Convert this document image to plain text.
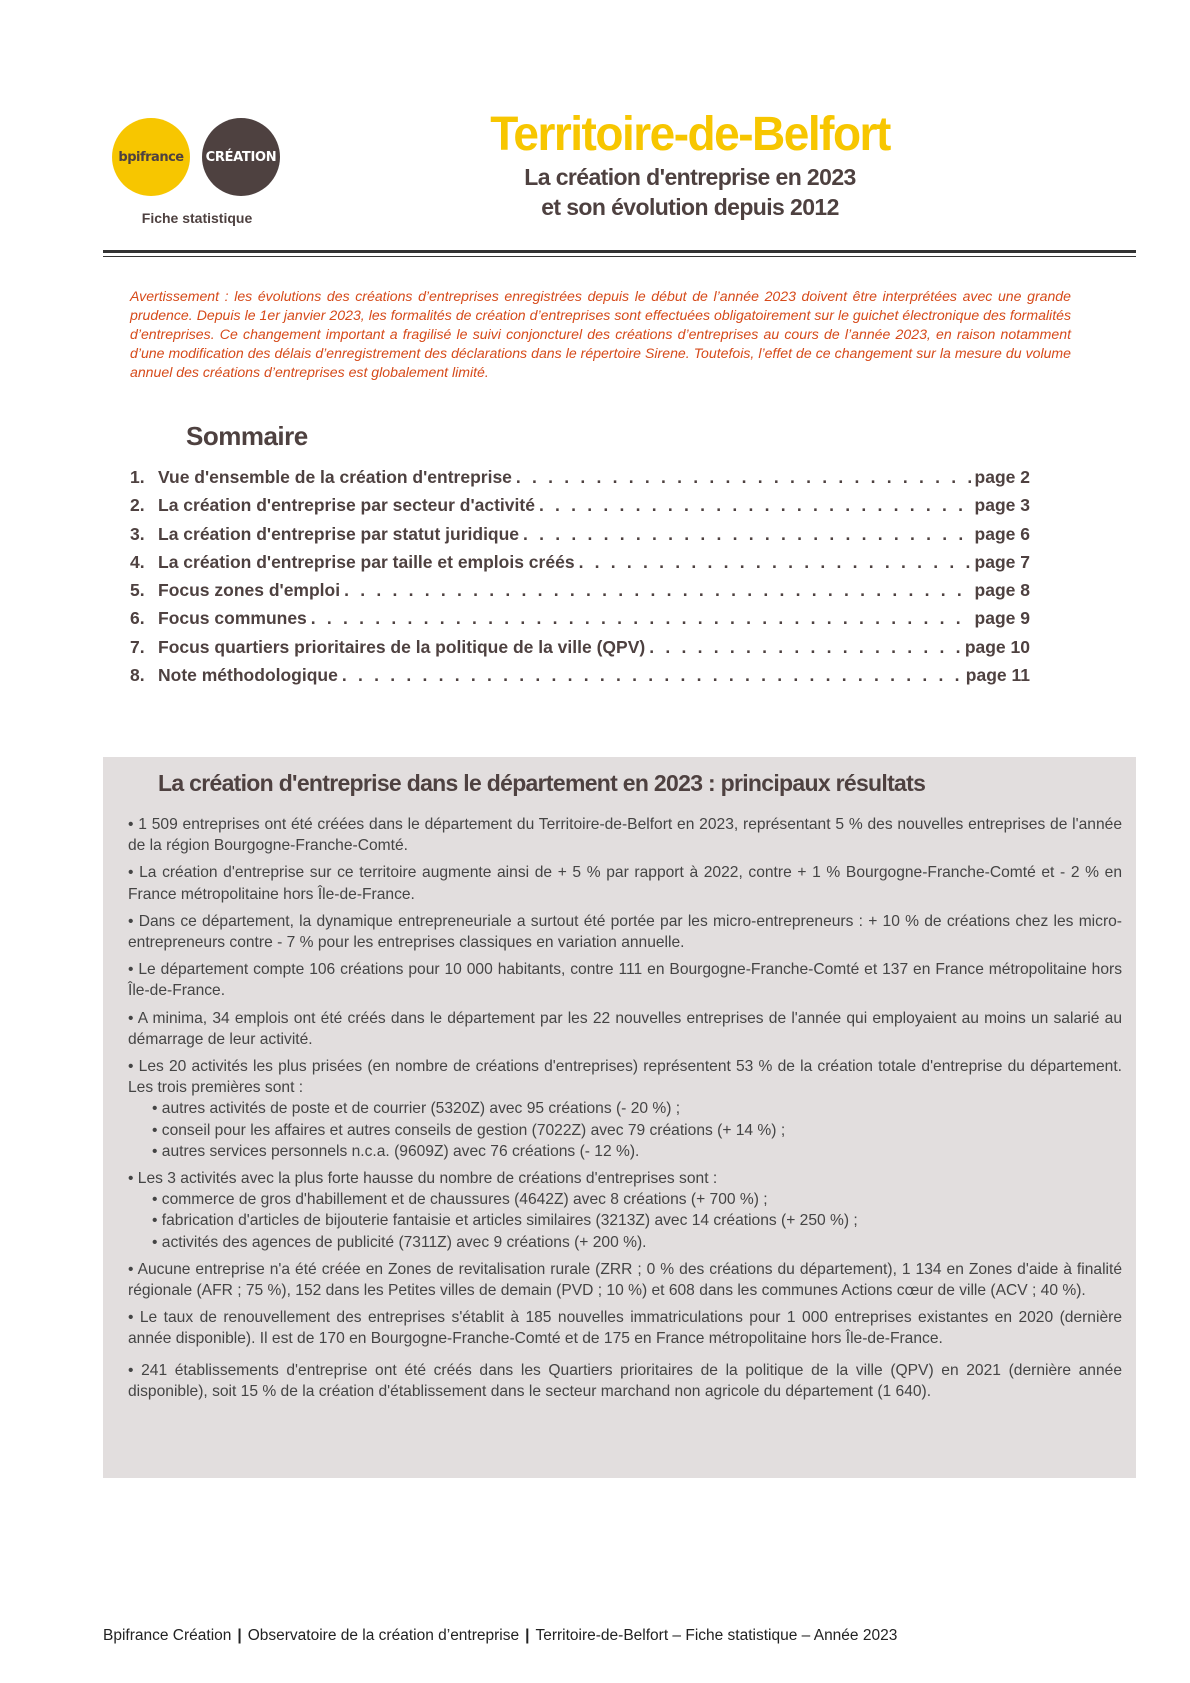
bpifrance CRÉATION
Fiche statistique
Territoire-de-Belfort
La création d'entreprise en 2023
et son évolution depuis 2012
Avertissement : les évolutions des créations d’entreprises enregistrées depuis le début de l’année 2023 doivent être interprétées avec une grande prudence. Depuis le 1er janvier 2023, les formalités de création d’entreprises sont effectuées obligatoirement sur le guichet électronique des formalités d’entreprises. Ce changement important a fragilisé le suivi conjoncturel des créations d’entreprises au cours de l’année 2023, en raison notamment d’une modification des délais d’enregistrement des déclarations dans le répertoire Sirene. Toutefois, l’effet de ce changement sur la mesure du volume annuel des créations d’entreprises est globalement limité.
Sommaire
1. Vue d'ensemble de la création d'entreprise . . .	page 2
2. La création d'entreprise par secteur d'activité . . .	page 3
3. La création d'entreprise par statut juridique . . .	page 6
4. La création d'entreprise par taille et emplois créés . . .	page 7
5. Focus zones d'emploi . . .	page 8
6. Focus communes . . .	page 9
7. Focus quartiers prioritaires de la politique de la ville (QPV) . . .	page 10
8. Note méthodologique . . .	page 11
La création d'entreprise dans le département en 2023 : principaux résultats

• 1 509 entreprises ont été créées dans le département du Territoire-de-Belfort en 2023, représentant 5 % des nouvelles entreprises de l'année de la région Bourgogne-Franche-Comté.

• La création d'entreprise sur ce territoire augmente ainsi de + 5 % par rapport à 2022, contre + 1 % Bourgogne-Franche-Comté et - 2 % en France métropolitaine hors Île-de-France.

• Dans ce département, la dynamique entrepreneuriale a surtout été portée par les micro-entrepreneurs : + 10 % de créations chez les micro-entrepreneurs contre - 7 % pour les entreprises classiques en variation annuelle.

• Le département compte 106 créations pour 10 000 habitants, contre 111 en Bourgogne-Franche-Comté et 137 en France métropolitaine hors Île-de-France.

• A minima, 34 emplois ont été créés dans le département par les 22 nouvelles entreprises de l'année qui employaient au moins un salarié au démarrage de leur activité.

• Les 20 activités les plus prisées (en nombre de créations d'entreprises) représentent 53 % de la création totale d'entreprise du département. Les trois premières sont :

• autres activités de poste et de courrier (5320Z) avec 95 créations (- 20 %) ;

• conseil pour les affaires et autres conseils de gestion (7022Z) avec 79 créations (+ 14 %) ;

• autres services personnels n.c.a. (9609Z) avec 76 créations (- 12 %).

• Les 3 activités avec la plus forte hausse du nombre de créations d'entreprises sont :

• commerce de gros d'habillement et de chaussures (4642Z) avec 8 créations (+ 700 %) ;

• fabrication d'articles de bijouterie fantaisie et articles similaires (3213Z) avec 14 créations (+ 250 %) ;

• activités des agences de publicité (7311Z) avec 9 créations (+ 200 %).

• Aucune entreprise n'a été créée en Zones de revitalisation rurale (ZRR ; 0 % des créations du département), 1 134 en Zones d'aide à finalité régionale (AFR ; 75 %), 152 dans les Petites villes de demain (PVD ; 10 %) et 608 dans les communes Actions cœur de ville (ACV ; 40 %).

• Le taux de renouvellement des entreprises s'établit à 185 nouvelles immatriculations pour 1 000 entreprises existantes en 2020 (dernière année disponible). Il est de 170 en Bourgogne-Franche-Comté et de 175 en France métropolitaine hors Île-de-France.

• 241 établissements d'entreprise ont été créés dans les Quartiers prioritaires de la politique de la ville (QPV) en 2021 (dernière année disponible), soit 15 % de la création d'établissement dans le secteur marchand non agricole du département (1 640).

Bpifrance Création | Observatoire de la création d’entreprise | Territoire-de-Belfort – Fiche statistique – Année 2023
